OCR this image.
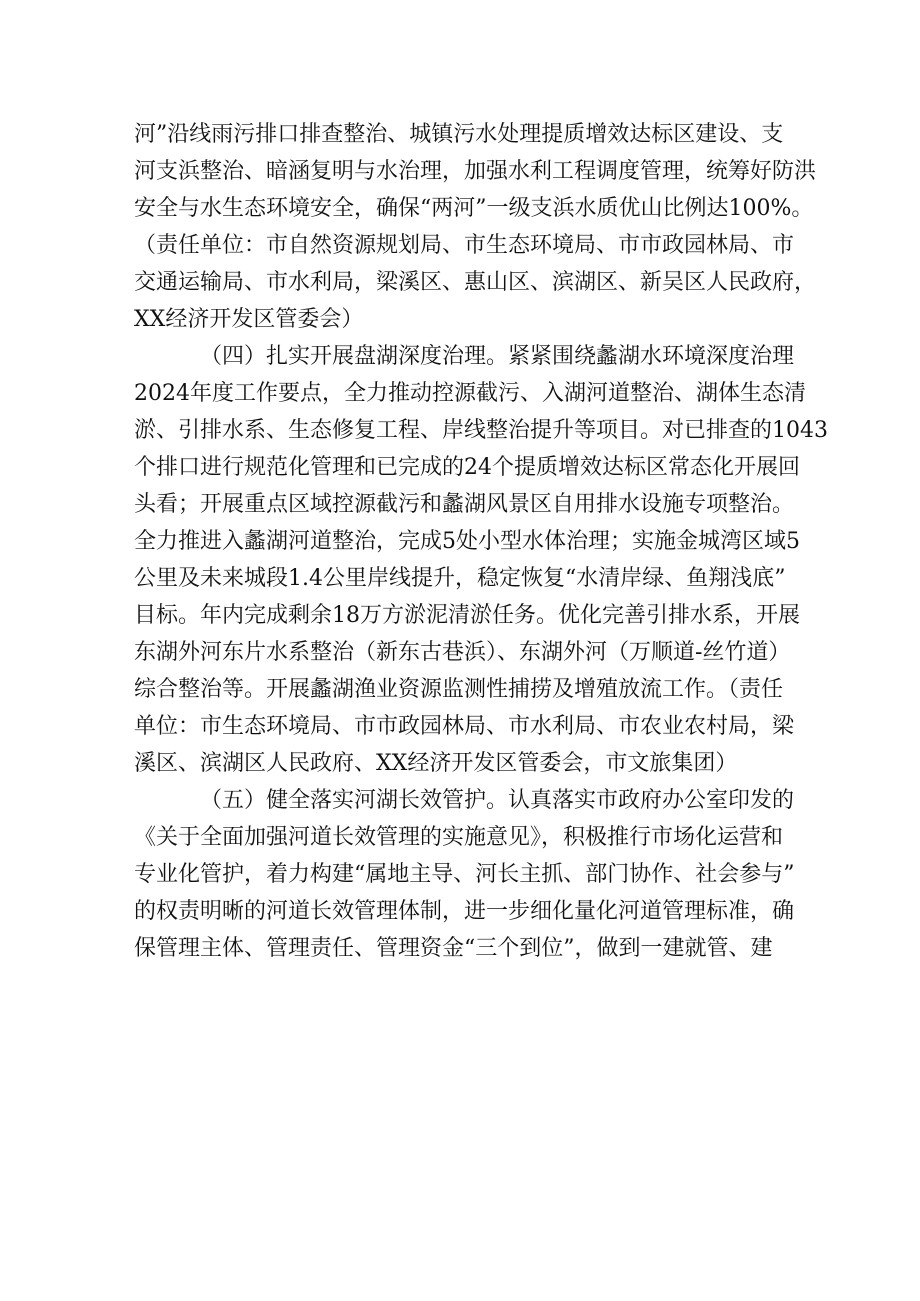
河”沿线雨污排口排查整治、城镇污水处理提质增效达标区建设、支
河支浜整治、暗涵复明与水治理，加强水利工程调度管理，统筹好防洪
安全与水生态环境安全，确保“两河”一级支浜水质优山比例达100%。
（责任单位：市自然资源规划局、市生态环境局、市市政园林局、市
交通运输局、市水利局，梁溪区、惠山区、滨湖区、新吴区人民政府，
XX经济开发区管委会）
（四）扎实开展盘湖深度治理。紧紧围绕蠡湖水环境深度治理
2024年度工作要点，全力推动控源截污、入湖河道整治、湖体生态清
淤、引排水系、生态修复工程、岸线整治提升等项目。对已排查的1043
个排口进行规范化管理和已完成的24个提质增效达标区常态化开展回
头看；开展重点区域控源截污和蠡湖风景区自用排水设施专项整治。
全力推进入蠡湖河道整治，完成5处小型水体治理；实施金城湾区域5
公里及未来城段1.4公里岸线提升，稳定恢复“水清岸绿、鱼翔浅底”
目标。年内完成剩余18万方淤泥清淤任务。优化完善引排水系，开展
东湖外河东片水系整治（新东古巷浜）、东湖外河（万顺道-丝竹道）
综合整治等。开展蠡湖渔业资源监测性捕捞及增殖放流工作。（责任
单位：市生态环境局、市市政园林局、市水利局、市农业农村局，梁
溪区、滨湖区人民政府、XX经济开发区管委会，市文旅集团）
（五）健全落实河湖长效管护。认真落实市政府办公室印发的
《关于全面加强河道长效管理的实施意见》，积极推行市场化运营和
专业化管护，着力构建“属地主导、河长主抓、部门协作、社会参与”
的权责明晰的河道长效管理体制，进一步细化量化河道管理标准，确
保管理主体、管理责任、管理资金“三个到位”，做到一建就管、建
